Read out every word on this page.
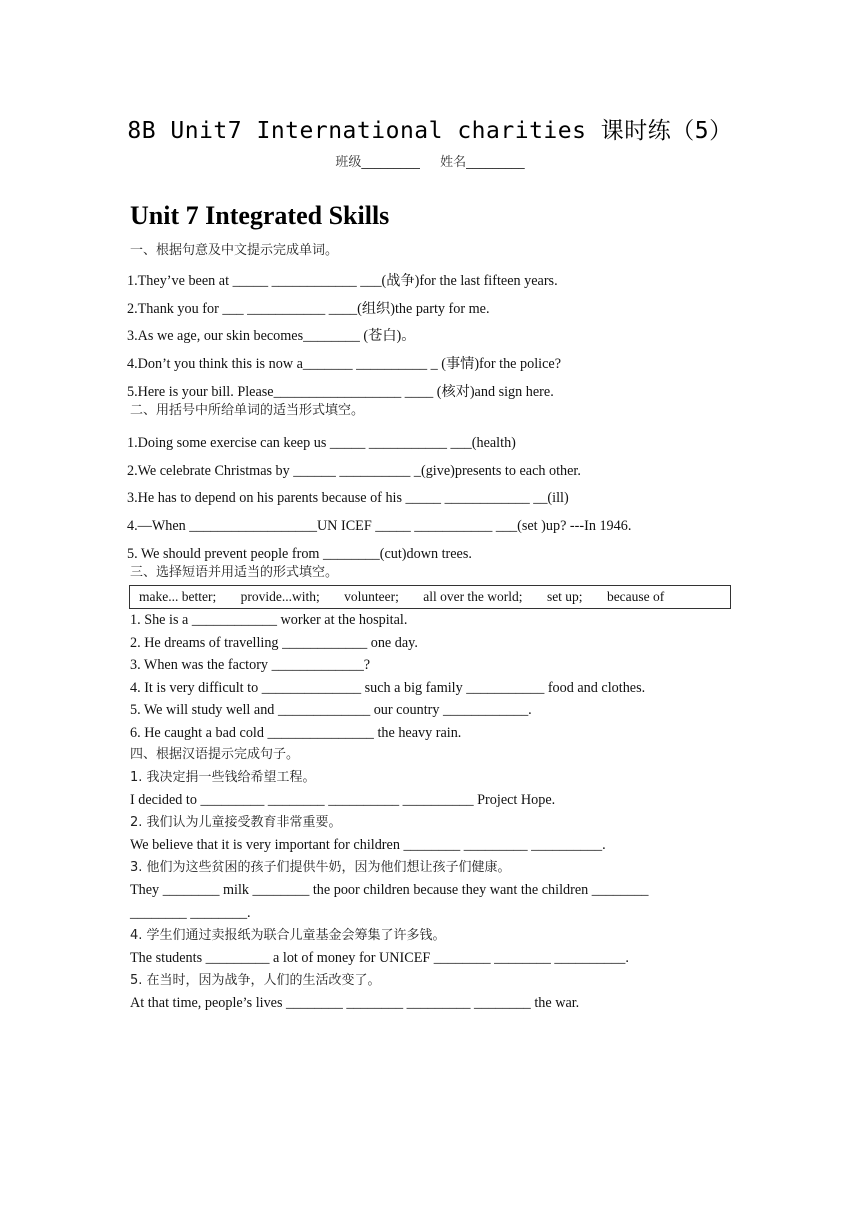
8B Unit7 International charities 课时练（5）
班级_________ 姓名_________
Unit 7 Integrated Skills
一、根据句意及中文提示完成单词。
1.They’ve been at _____ ____________ ___(战争)for the last fifteen years.
2.Thank you for ___ ___________ ____(组织)the party for me.
3.As we age, our skin becomes________ (苍白)。
4.Don’t you think this is now a_______ __________ _ (事情)for the police?
5.Here is your bill. Please__________________ ____ (核对)and sign here.
二、用括号中所给单词的适当形式填空。
1.Doing some exercise can keep us _____ ___________ ___(health)
2.We celebrate Christmas by ______ __________ _(give)presents to each other.
3.He has to depend on his parents because of his _____ ____________ __(ill)
4.—When __________________UN ICEF _____ ___________ ___(set )up? ---In 1946.
5. We should prevent people from ________(cut)down trees.
三、选择短语并用适当的形式填空。
make... better; provide...with; volunteer; all over the world; set up; because of
1. She is a ____________ worker at the hospital.
2. He dreams of travelling ____________ one day.
3. When was the factory _____________?
4. It is very difficult to ______________ such a big family ___________ food and clothes.
5. We will study well and _____________ our country ____________.
6. He caught a bad cold _______________ the heavy rain.
四、根据汉语提示完成句子。
1. 我决定捐一些钱给希望工程。
I decided to _________ ________ __________ __________ Project Hope.
2. 我们认为儿童接受教育非常重要。
We believe that it is very important for children ________ _________ __________.
3. 他们为这些贫困的孩子们提供牛奶，因为他们想让孩子们健康。
They ________ milk ________ the poor children because they want the children ________
________ ________.
4. 学生们通过卖报纸为联合儿童基金会筹集了许多钱。
The students _________ a lot of money for UNICEF ________ ________ __________.
5. 在当时，因为战争，人们的生活改变了。
At that time, people’s lives ________ ________ _________ ________ the war.
